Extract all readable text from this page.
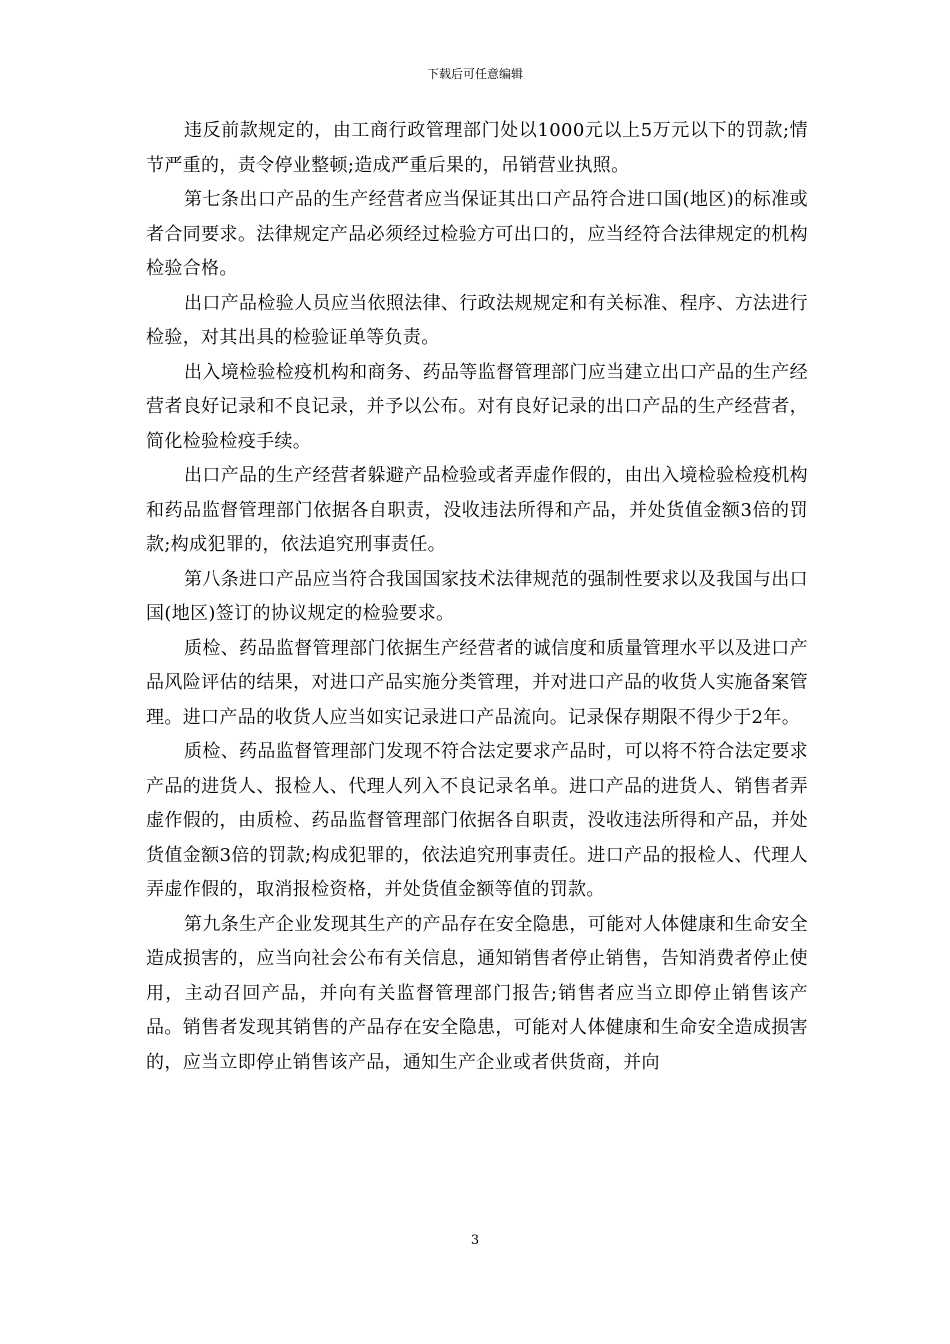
下载后可任意编辑

违反前款规定的，由工商行政管理部门处以1000元以上5万元以下的罚款;情节严重的，责令停业整顿;造成严重后果的，吊销营业执照。

第七条出口产品的生产经营者应当保证其出口产品符合进口国(地区)的标准或者合同要求。法律规定产品必须经过检验方可出口的，应当经符合法律规定的机构检验合格。

出口产品检验人员应当依照法律、行政法规规定和有关标准、程序、方法进行检验，对其出具的检验证单等负责。

出入境检验检疫机构和商务、药品等监督管理部门应当建立出口产品的生产经营者良好记录和不良记录，并予以公布。对有良好记录的出口产品的生产经营者，简化检验检疫手续。

出口产品的生产经营者躲避产品检验或者弄虚作假的，由出入境检验检疫机构和药品监督管理部门依据各自职责，没收违法所得和产品，并处货值金额3倍的罚款;构成犯罪的，依法追究刑事责任。

第八条进口产品应当符合我国国家技术法律规范的强制性要求以及我国与出口国(地区)签订的协议规定的检验要求。

质检、药品监督管理部门依据生产经营者的诚信度和质量管理水平以及进口产品风险评估的结果，对进口产品实施分类管理，并对进口产品的收货人实施备案管理。进口产品的收货人应当如实记录进口产品流向。记录保存期限不得少于2年。

质检、药品监督管理部门发现不符合法定要求产品时，可以将不符合法定要求产品的进货人、报检人、代理人列入不良记录名单。进口产品的进货人、销售者弄虚作假的，由质检、药品监督管理部门依据各自职责，没收违法所得和产品，并处货值金额3倍的罚款;构成犯罪的，依法追究刑事责任。进口产品的报检人、代理人弄虚作假的，取消报检资格，并处货值金额等值的罚款。

第九条生产企业发现其生产的产品存在安全隐患，可能对人体健康和生命安全造成损害的，应当向社会公布有关信息，通知销售者停止销售，告知消费者停止使用，主动召回产品，并向有关监督管理部门报告;销售者应当立即停止销售该产品。销售者发现其销售的产品存在安全隐患，可能对人体健康和生命安全造成损害的，应当立即停止销售该产品，通知生产企业或者供货商，并向

3
